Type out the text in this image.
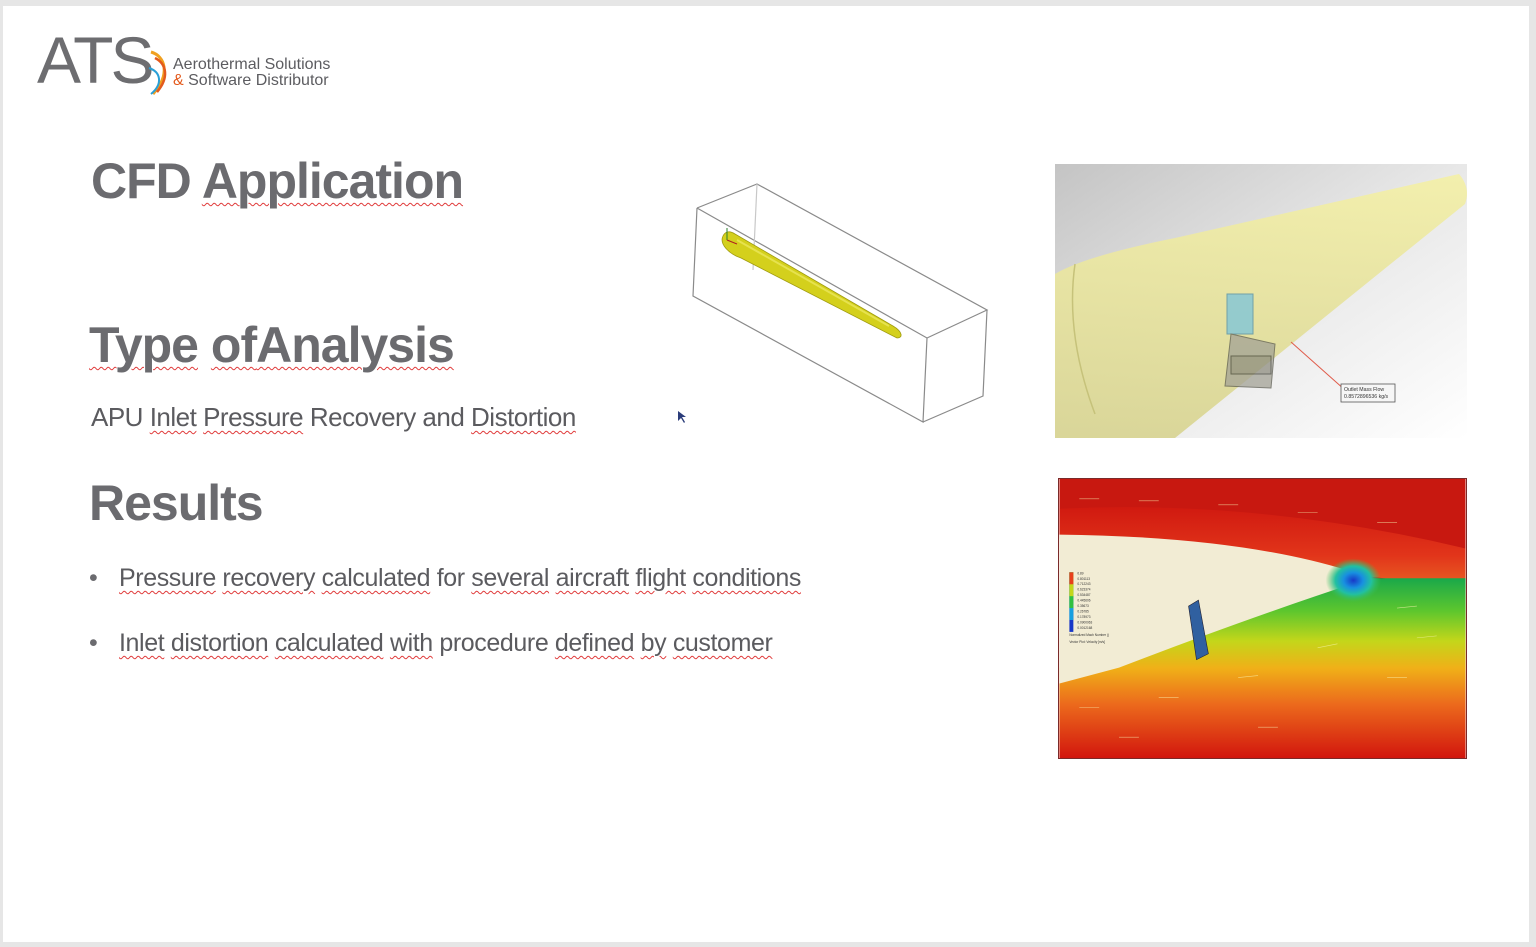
ATS Aerothermal Solutions
& Software Distributor
CFD Application
Type ofAnalysis
APU Inlet Pressure Recovery and Distortion
Results
• Pressure recovery calculated for several aircraft flight conditions
• Inlet distortion calculated with procedure defined by customer
Outlet Mass Flow
0.8572896536 kg/s
0.89
0.801113
0.712243
0.623374
0.534487
0.445606
0.35673
0.26785
0.178973
0.0900963
0.0012168
Normalized Mach Number ()
Vector Plot: Velocity [m/s]
